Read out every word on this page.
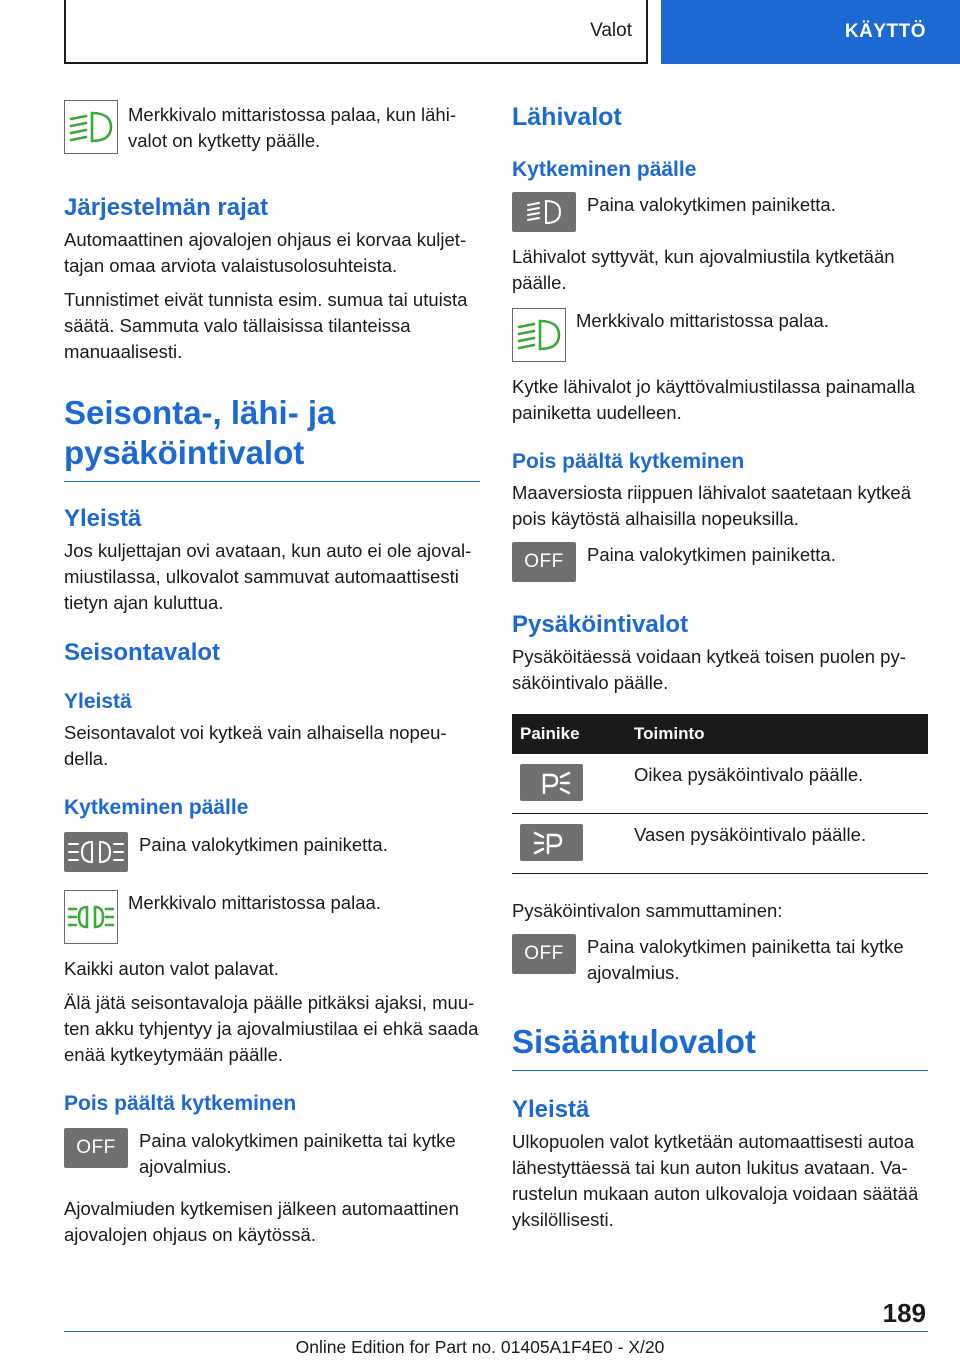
Valot	KÄYTTÖ

Merkkivalo mittaristossa palaa, kun lähivalot on kytketty päälle.

Järjestelmän rajat

Automaattinen ajovalojen ohjaus ei korvaa kuljettajan omaa arviota valaistusolosuhteista.

Tunnistimet eivät tunnista esim. sumua tai utuista säätä. Sammuta valo tällaisissa tilanteissa manuaalisesti.

Seisonta-, lähi- ja pysäköintivalot
Yleistä

Jos kuljettajan ovi avataan, kun auto ei ole ajovalmiustilassa, ulkovalot sammuvat automaattisesti tietyn ajan kuluttua.

Seisontavalot
Yleistä

Seisontavalot voi kytkeä vain alhaisella nopeudella.

Kytkeminen päälle

Paina valokytkimen painiketta.

Merkkivalo mittaristossa palaa.

Kaikki auton valot palavat.

Älä jätä seisontavaloja päälle pitkäksi ajaksi, muuten akku tyhjentyy ja ajovalmiustilaa ei ehkä saada enää kytkeytymään päälle.

Pois päältä kytkeminen
OFF Paina valokytkimen painiketta tai kytke ajovalmius.

Ajovalmiuden kytkemisen jälkeen automaattinen ajovalojen ohjaus on käytössä.

Lähivalot
Kytkeminen päälle

Paina valokytkimen painiketta.

Lähivalot syttyvät, kun ajovalmiustila kytketään päälle.

Merkkivalo mittaristossa palaa.

Kytke lähivalot jo käyttövalmiustilassa painamalla painiketta uudelleen.

Pois päältä kytkeminen

Maaversiosta riippuen lähivalot saatetaan kytkeä pois käytöstä alhaisilla nopeuksilla.

OFF Paina valokytkimen painiketta.

Pysäköintivalot

Pysäköitäessä voidaan kytkeä toisen puolen pysäköintivalo päälle.

Painike	Toiminto

	Oikea pysäköintivalo päälle.

	Vasen pysäköintivalo päälle.

Pysäköintivalon sammuttaminen:

OFF Paina valokytkimen painiketta tai kytke ajovalmius.

Sisääntulovalot
Yleistä

Ulkopuolen valot kytketään automaattisesti autoa lähestyttäessä tai kun auton lukitus avataan. Varustelun mukaan auton ulkovaloja voidaan säätää yksilöllisesti.

189
Online Edition for Part no. 01405A1F4E0 - X/20
